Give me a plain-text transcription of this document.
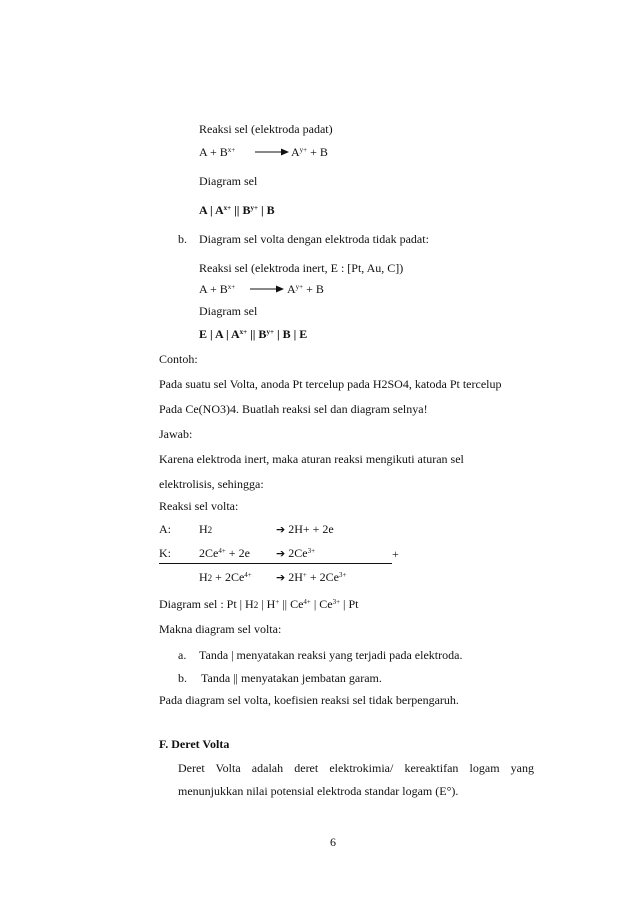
Reaksi sel (elektroda padat)
$A + B^{x+} \to A^{y+} + B$
Diagram sel
A | $A^{x+}$ || $B^{y+}$ | B
b. Diagram sel volta dengan elektroda tidak padat:
Reaksi sel (elektroda inert, E : [Pt, Au, C])
$A + B^{x+} \to A^{y+} + B$
Diagram sel
E | A | $A^{x+}$ || $B^{y+}$ | B | E
Contoh:
Pada suatu sel Volta, anoda Pt tercelup pada H2SO4, katoda Pt tercelup
Pada Ce(NO3)4. Buatlah reaksi sel dan diagram selnya!
Jawab:
Karena elektroda inert, maka aturan reaksi mengikuti aturan sel
elektrolisis, sehingga:
Reaksi sel volta:
A: H2	➔ 2H+ + 2e
K: $2Ce^{4+} + 2e$ ➔ $2Ce^{3+}$	+
$H2 + 2Ce^{4+}$ ➔ $2H^+ + 2Ce^{3+}$
Diagram sel : Pt | H2 | H+ || $Ce^{4+}$ | $Ce^{3+}$ | Pt
Makna diagram sel volta:
a. Tanda | menyatakan reaksi yang terjadi pada elektroda.
b. Tanda || menyatakan jembatan garam.
Pada diagram sel volta, koefisien reaksi sel tidak berpengaruh.
F. Deret Volta
Deret Volta adalah deret elektrokimia/ kereaktifan logam yang
menunjukkan nilai potensial elektroda standar logam (E°).
6
